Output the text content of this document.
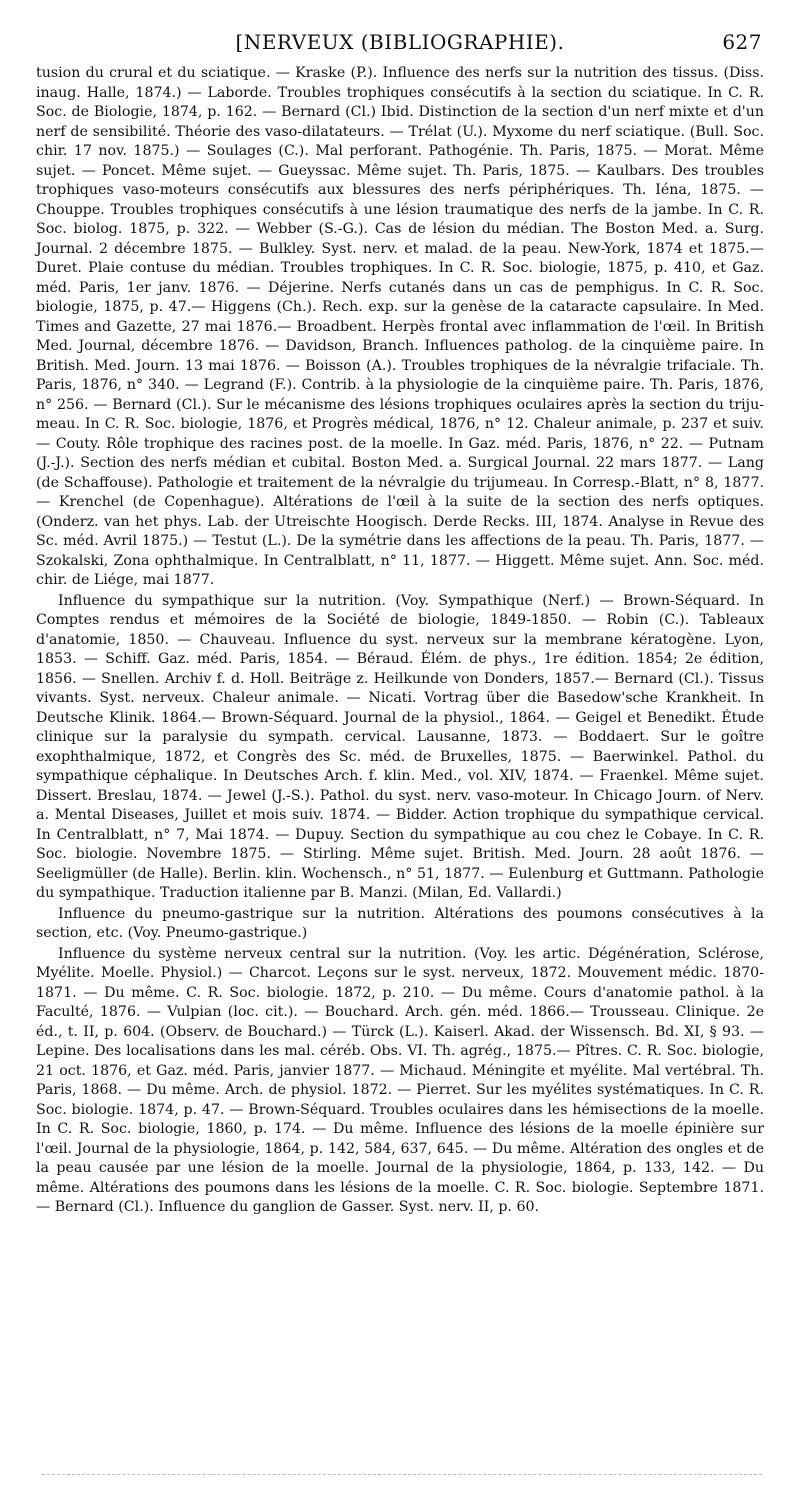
[NERVEUX (BIBLIOGRAPHIE).	627

tusion du crural et du sciatique. — Kraske (P.). Influence des nerfs sur la nutrition des tissus. (Diss. inaug. Halle, 1874.) — Laborde. Troubles trophiques consécutifs à la section du sciatique. In C. R. Soc. de Biologie, 1874, p. 162. — Bernard (Cl.) Ibid. Distinction de la section d'un nerf mixte et d'un nerf de sensibilité. Théorie des vaso-dilatateurs. — Trélat (U.). Myxome du nerf sciatique. (Bull. Soc. chir. 17 nov. 1875.) — Soulages (C.). Mal perforant. Pathogénie. Th. Paris, 1875. — Morat. Même sujet. — Poncet. Même sujet. — Gueyssac. Même sujet. Th. Paris, 1875. — Kaulbars. Des troubles trophiques vaso-moteurs consécutifs aux blessures des nerfs périphériques. Th. Iéna, 1875. — Chouppe. Troubles trophiques consécutifs à une lésion traumatique des nerfs de la jambe. In C. R. Soc. biolog. 1875, p. 322. — Webber (S.-G.). Cas de lésion du médian. The Boston Med. a. Surg. Journal. 2 décembre 1875. — Bulkley. Syst. nerv. et malad. de la peau. New-York, 1874 et 1875.— Duret. Plaie contuse du médian. Troubles trophiques. In C. R. Soc. biologie, 1875, p. 410, et Gaz. méd. Paris, 1er janv. 1876. — Déjerine. Nerfs cutanés dans un cas de pemphigus. In C. R. Soc. biologie, 1875, p. 47.— Higgens (Ch.). Rech. exp. sur la genèse de la cataracte capsulaire. In Med. Times and Gazette, 27 mai 1876.— Broadbent. Herpès frontal avec inflammation de l'œil. In British Med. Journal, décembre 1876. — Davidson, Branch. Influences patholog. de la cinquième paire. In British. Med. Journ. 13 mai 1876. — Boisson (A.). Troubles trophiques de la névralgie trifaciale. Th. Paris, 1876, n° 340. — Legrand (F.). Contrib. à la physiologie de la cinquième paire. Th. Paris, 1876, n° 256. — Bernard (Cl.). Sur le mécanisme des lésions trophiques oculaires après la section du triju-meau. In C. R. Soc. biologie, 1876, et Progrès médical, 1876, n° 12. Chaleur animale, p. 237 et suiv. — Couty. Rôle trophique des racines post. de la moelle. In Gaz. méd. Paris, 1876, n° 22. — Putnam (J.-J.). Section des nerfs médian et cubital. Boston Med. a. Surgical Journal. 22 mars 1877. — Lang (de Schaffouse). Pathologie et traitement de la névralgie du trijumeau. In Corresp.-Blatt, n° 8, 1877. — Krenchel (de Copenhague). Altérations de l'œil à la suite de la section des nerfs optiques. (Onderz. van het phys. Lab. der Utreischte Hoogisch. Derde Recks. III, 1874. Analyse in Revue des Sc. méd. Avril 1875.) — Testut (L.). De la symétrie dans les affections de la peau. Th. Paris, 1877. — Szokalski, Zona ophthalmique. In Centralblatt, n° 11, 1877. — Higgett. Même sujet. Ann. Soc. méd. chir. de Liége, mai 1877.

Influence du sympathique sur la nutrition. (Voy. Sympathique (Nerf.) — Brown-Séquard. In Comptes rendus et mémoires de la Société de biologie, 1849-1850. — Robin (C.). Tableaux d'anatomie, 1850. — Chauveau. Influence du syst. nerveux sur la membrane kératogène. Lyon, 1853. — Schiff. Gaz. méd. Paris, 1854. — Béraud. Élém. de phys., 1re édition. 1854; 2e édition, 1856. — Snellen. Archiv f. d. Holl. Beiträge z. Heilkunde von Donders, 1857.— Bernard (Cl.). Tissus vivants. Syst. nerveux. Chaleur animale. — Nicati. Vortrag über die Basedow'sche Krankheit. In Deutsche Klinik. 1864.— Brown-Séquard. Journal de la physiol., 1864. — Geigel et Benedikt. Étude clinique sur la paralysie du sympath. cervical. Lausanne, 1873. — Boddaert. Sur le goître exophthalmique, 1872, et Congrès des Sc. méd. de Bruxelles, 1875. — Baerwinkel. Pathol. du sympathique céphalique. In Deutsches Arch. f. klin. Med., vol. XIV, 1874. — Fraenkel. Même sujet. Dissert. Breslau, 1874. — Jewel (J.-S.). Pathol. du syst. nerv. vaso-moteur. In Chicago Journ. of Nerv. a. Mental Diseases, Juillet et mois suiv. 1874. — Bidder. Action trophique du sympathique cervical. In Centralblatt, n° 7, Mai 1874. — Dupuy. Section du sympathique au cou chez le Cobaye. In C. R. Soc. biologie. Novembre 1875. — Stirling. Même sujet. British. Med. Journ. 28 août 1876. — Seeligmüller (de Halle). Berlin. klin. Wochensch., n° 51, 1877. — Eulenburg et Guttmann. Pathologie du sympathique. Traduction italienne par B. Manzi. (Milan, Ed. Vallardi.)

Influence du pneumo-gastrique sur la nutrition. Altérations des poumons consécutives à la section, etc. (Voy. Pneumo-gastrique.)

Influence du système nerveux central sur la nutrition. (Voy. les artic. Dégénération, Sclérose, Myélite. Moelle. Physiol.) — Charcot. Leçons sur le syst. nerveux, 1872. Mouvement médic. 1870-1871. — Du même. C. R. Soc. biologie. 1872, p. 210. — Du même. Cours d'anatomie pathol. à la Faculté, 1876. — Vulpian (loc. cit.). — Bouchard. Arch. gén. méd. 1866.— Trousseau. Clinique. 2e éd., t. II, p. 604. (Observ. de Bouchard.) — Türck (L.). Kaiserl. Akad. der Wissensch. Bd. XI, § 93. — Lepine. Des localisations dans les mal. céréb. Obs. VI. Th. agrég., 1875.— Pîtres. C. R. Soc. biologie, 21 oct. 1876, et Gaz. méd. Paris, janvier 1877. — Michaud. Méningite et myélite. Mal vertébral. Th. Paris, 1868. — Du même. Arch. de physiol. 1872. — Pierret. Sur les myélites systématiques. In C. R. Soc. biologie. 1874, p. 47. — Brown-Séquard. Troubles oculaires dans les hémisections de la moelle. In C. R. Soc. biologie, 1860, p. 174. — Du même. Influence des lésions de la moelle épinière sur l'œil. Journal de la physiologie, 1864, p. 142, 584, 637, 645. — Du même. Altération des ongles et de la peau causée par une lésion de la moelle. Journal de la physiologie, 1864, p. 133, 142. — Du même. Altérations des poumons dans les lésions de la moelle. C. R. Soc. biologie. Septembre 1871. — Bernard (Cl.). Influence du ganglion de Gasser. Syst. nerv. II, p. 60.
